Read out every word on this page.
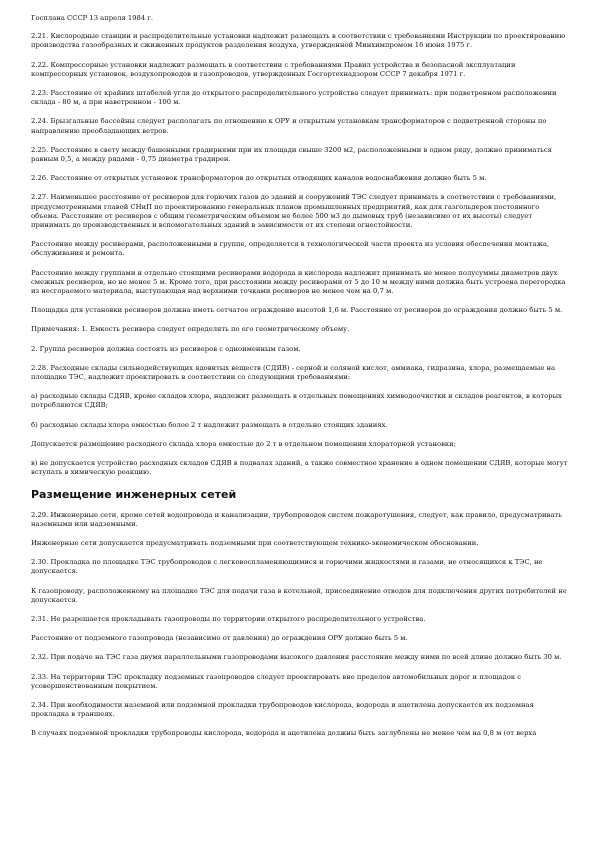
Госплана СССР 13 апреля 1984 г.
2.21. Кислородные станции и распределительные установки надлежит размещать в соответствии с требованиями Инструкции по проектированию производства газообразных и сжиженных продуктов разделения воздуха, утвержденной Минхимпромом 16 июня 1975 г.
2.22. Компрессорные установки надлежит размещать в соответствии с требованиями Правил устройства и безопасной эксплуатации компрессорных установок, воздухопроводов и газопроводов, утвержденных Госгортехнадзором СССР 7 декабря 1971 г.
2.23. Расстояние от крайних штабелей угля до открытого распределительного устройства следует принимать: при подветренном расположении склада - 80 м, а при наветренном - 100 м.
2.24. Брызгальные бассейны следует располагать по отношению к ОРУ и открытым установкам трансформаторов с подветренной стороны по направлению преобладающих ветров.
2.25. Расстояние в свету между башенными градирнями при их площади свыше 3200 м2, расположенными в одном ряду, должно приниматься равным 0,5, а между рядами - 0,75 диаметра градирен.
2.26. Расстояние от открытых установок трансформаторов до открытых отводящих каналов водоснабжения должно быть 5 м.
2.27. Наименьшее расстояние от ресиверов для горючих газов до зданий и сооружений ТЭС следует принимать в соответствии с требованиями, предусмотренными главой СНиП по проектированию генеральных планов промышленных предприятий, как для газгольдеров постоянного объема. Расстояние от ресиверов с общим геометрическим объемом не более 500 м3 до дымовых труб (независимо от их высоты) следует принимать до производственных и вспомогательных зданий в зависимости от их степени огнестойкости.
Расстояние между ресиверами, расположенными в группе, определяется в технологической части проекта из условия обеспечения монтажа, обслуживания и ремонта.
Расстояние между группами и отдельно стоящими ресиверами водорода и кислорода надлежит принимать не менее полусуммы диаметров двух смежных ресиверов, но не менее 5 м. Кроме того, при расстоянии между ресиверами от 5 до 10 м между ними должна быть устроена перегородка из несгораемого материала, выступающая над верхними точками ресиверов не менее чем на 0,7 м.
Площадка для установки ресиверов должна иметь сетчатое ограждение высотой 1,6 м. Расстояние от ресиверов до ограждения должно быть 5 м.
Примечания: 1. Емкость ресивера следует определять по его геометрическому объему.
2. Группа ресиверов должна состоять из ресиверов с одноименным газом.
2.28. Расходные склады сильнодействующих ядовитых веществ (СДЯВ) - серной и соляной кислот, аммиака, гидразина, хлора, размещаемые на площадке ТЭС, надлежит проектировать в соответствии со следующими требованиями:
а) расходные склады СДЯВ, кроме складов хлора, надлежит размещать в отдельных помещениях химводоочистки и складов реагентов, в которых потребляются СДЯВ;
б) расходные склады хлора емкостью более 2 т надлежит размещать в отдельно стоящих зданиях.
Допускается размещение расходного склада хлора емкостью до 2 т в отдельном помещении хлораторной установки;
в) не допускается устройство расходных складов СДЯВ в подвалах зданий, а также совместное хранение в одном помещении СДЯВ, которые могут вступать в химическую реакцию.
Размещение инженерных сетей
2.29. Инженерные сети, кроме сетей водопровода и канализации, трубопроводов систем пожаротушения, следует, как правило, предусматривать наземными или надземными.
Инженерные сети допускается предусматривать подземными при соответствующем технико-экономическом обосновании.
2.30. Прокладка по площадке ТЭС трубопроводов с легковоспламеняющимися и горючими жидкостями и газами, не относящихся к ТЭС, не допускается.
К газопроводу, расположенному на площадке ТЭС для подачи газа в котельной, присоединение отводов для подключения других потребителей не допускается.
2.31. Не разрешается прокладывать газопроводы по территории открытого распределительного устройства.
Расстояние от подземного газопровода (независимо от давления) до ограждения ОРУ должно быть 5 м.
2.32. При подаче на ТЭС газа двумя параллельными газопроводами высокого давления расстояние между ними по всей длине должно быть 30 м.
2.33. На территории ТЭС прокладку подземных газопроводов следует проектировать вне пределов автомобильных дорог и площадок с усовершенствованным покрытием.
2.34. При необходимости наземной или подземной прокладки трубопроводов кислорода, водорода и ацетилена допускается их подземная прокладка в траншеях.
В случаях подземной прокладки трубопроводы кислорода, водорода и ацетилена должны быть заглублены не менее чем на 0,8 м (от верха
